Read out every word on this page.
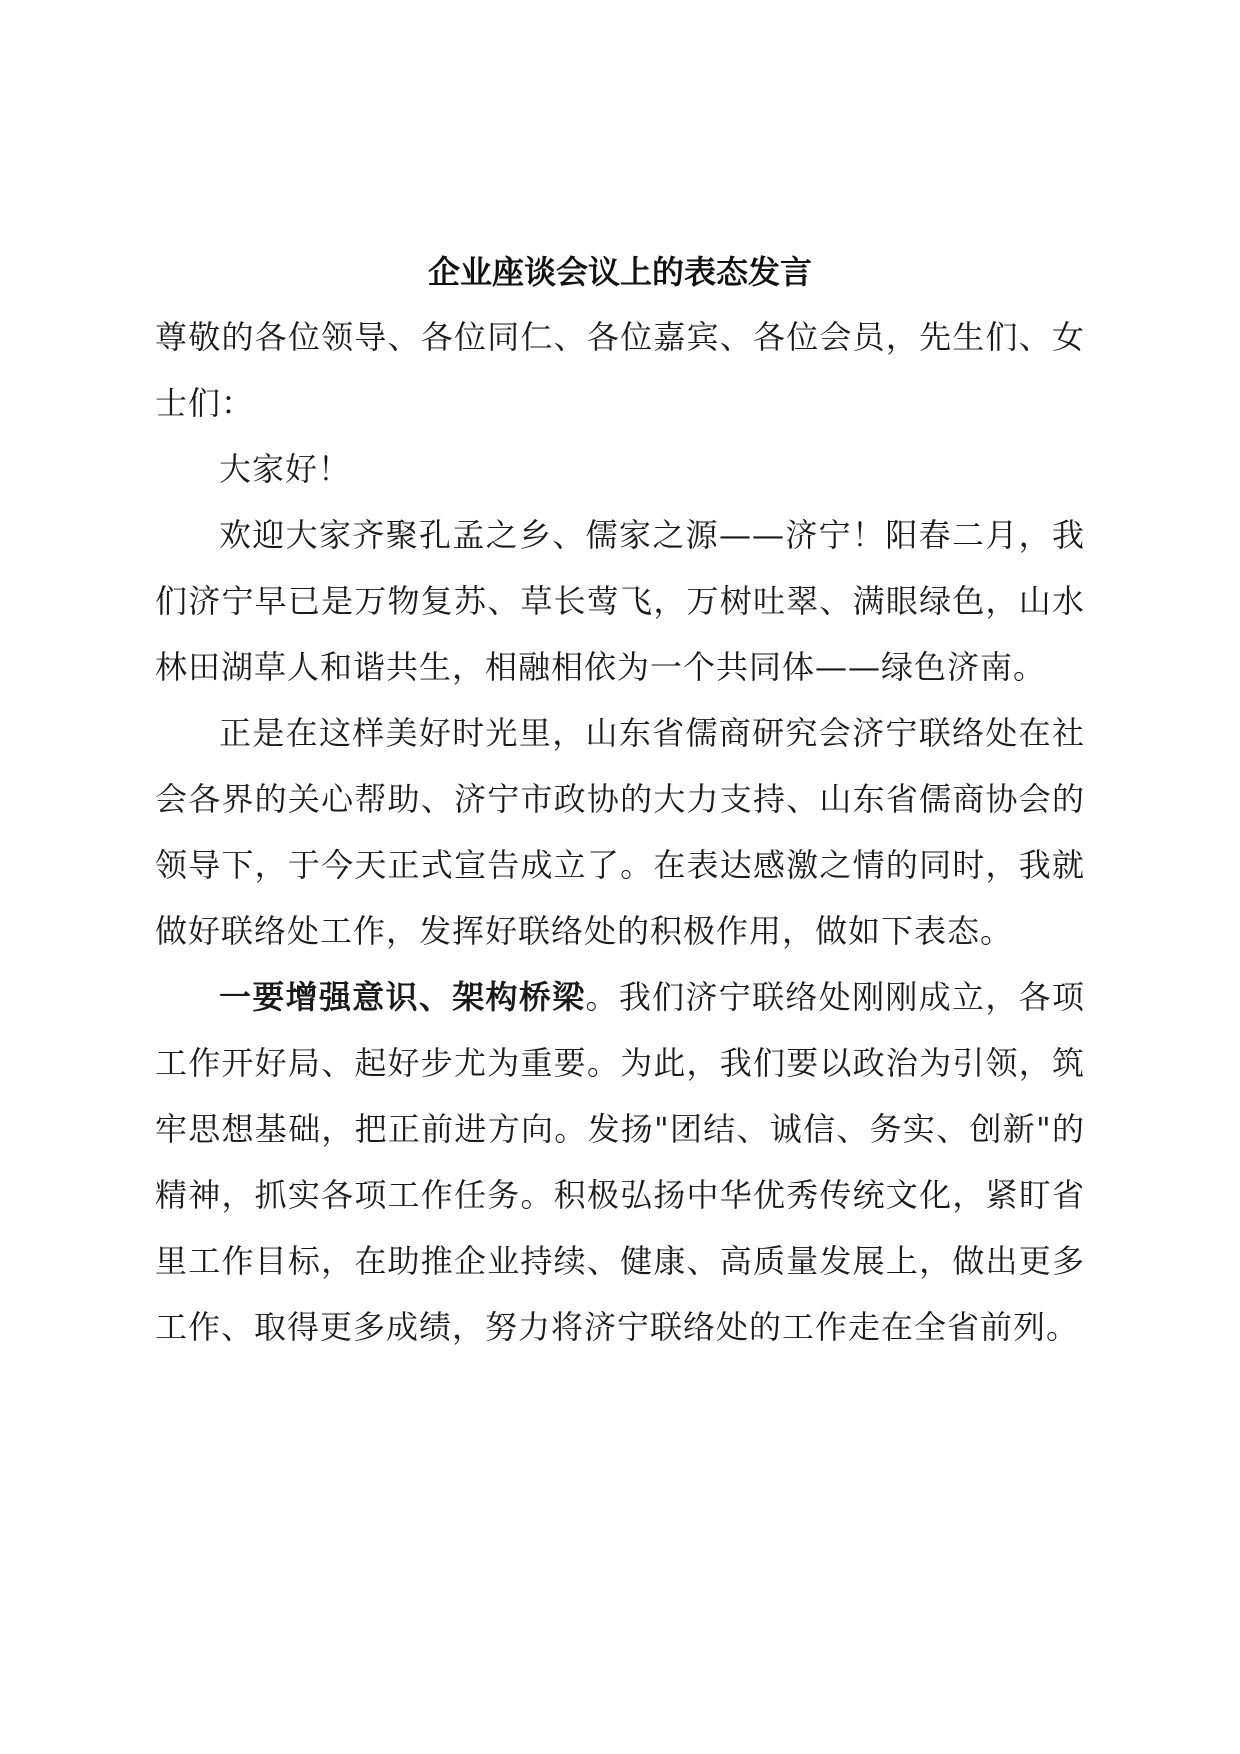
企业座谈会议上的表态发言

尊敬的各位领导、各位同仁、各位嘉宾、各位会员，先生们、女士们：

大家好！

欢迎大家齐聚孔孟之乡、儒家之源——济宁！阳春二月，我们济宁早已是万物复苏、草长莺飞，万树吐翠、满眼绿色，山水林田湖草人和谐共生，相融相依为一个共同体——绿色济南。

正是在这样美好时光里，山东省儒商研究会济宁联络处在社会各界的关心帮助、济宁市政协的大力支持、山东省儒商协会的领导下，于今天正式宣告成立了。在表达感激之情的同时，我就做好联络处工作，发挥好联络处的积极作用，做如下表态。

一要增强意识、架构桥梁。我们济宁联络处刚刚成立，各项工作开好局、起好步尤为重要。为此，我们要以政治为引领，筑牢思想基础，把正前进方向。发扬"团结、诚信、务实、创新"的精神，抓实各项工作任务。积极弘扬中华优秀传统文化，紧盯省里工作目标，在助推企业持续、健康、高质量发展上，做出更多工作、取得更多成绩，努力将济宁联络处的工作走在全省前列。
